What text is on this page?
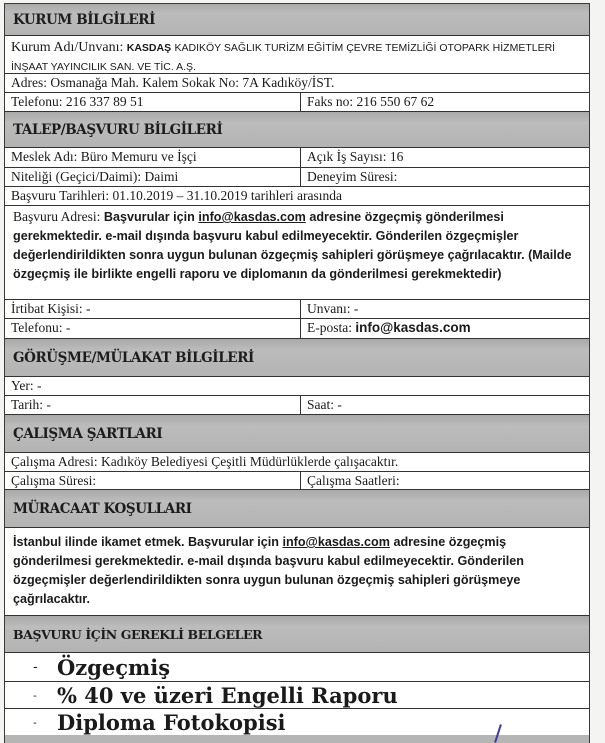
KURUM BİLGİLERİ
Kurum Adı/Unvanı: KASDAŞ KADIKÖY SAĞLIK TURİZM EĞİTİM ÇEVRE TEMİZLİĞİ OTOPARK HİZMETLERİ
İNŞAAT YAYINCILIK SAN. VE TİC. A.Ş.
Adres: Osmanağa Mah. Kalem Sokak No: 7A Kadıköy/İST.
Telefonu: 216 337 89 51	Faks no: 216 550 67 62
TALEP/BAŞVURU BİLGİLERİ
Meslek Adı: Büro Memuru ve İşçi	Açık İş Sayısı: 16
Niteliği (Geçici/Daimi): Daimi	Deneyim Süresi:
Başvuru Tarihleri: 01.10.2019 – 31.10.2019 tarihleri arasında
Başvuru Adresi: Başvurular için info@kasdas.com adresine özgeçmiş gönderilmesi gerekmektedir. e-mail dışında başvuru kabul edilmeyecektir. Gönderilen özgeçmişler değerlendirildikten sonra uygun bulunan özgeçmiş sahipleri görüşmeye çağrılacaktır. (Mailde özgeçmiş ile birlikte engelli raporu ve diplomanın da gönderilmesi gerekmektedir)
İrtibat Kişisi: -	Unvanı: -
Telefonu: -	E-posta: info@kasdas.com
GÖRÜŞME/MÜLAKAT BİLGİLERİ
Yer: -
Tarih: -	Saat: -
ÇALIŞMA ŞARTLARI
Çalışma Adresi: Kadıköy Belediyesi Çeşitli Müdürlüklerde çalışacaktır.
Çalışma Süresi:	Çalışma Saatleri:
MÜRACAAT KOŞULLARI
İstanbul ilinde ikamet etmek. Başvurular için info@kasdas.com adresine özgeçmiş gönderilmesi gerekmektedir. e-mail dışında başvuru kabul edilmeyecektir. Gönderilen özgeçmişler değerlendirildikten sonra uygun bulunan özgeçmiş sahipleri görüşmeye çağrılacaktır.
BAŞVURU İÇİN GEREKLİ BELGELER
- Özgeçmiş
- % 40 ve üzeri Engelli Raporu
- Diploma Fotokopisi
